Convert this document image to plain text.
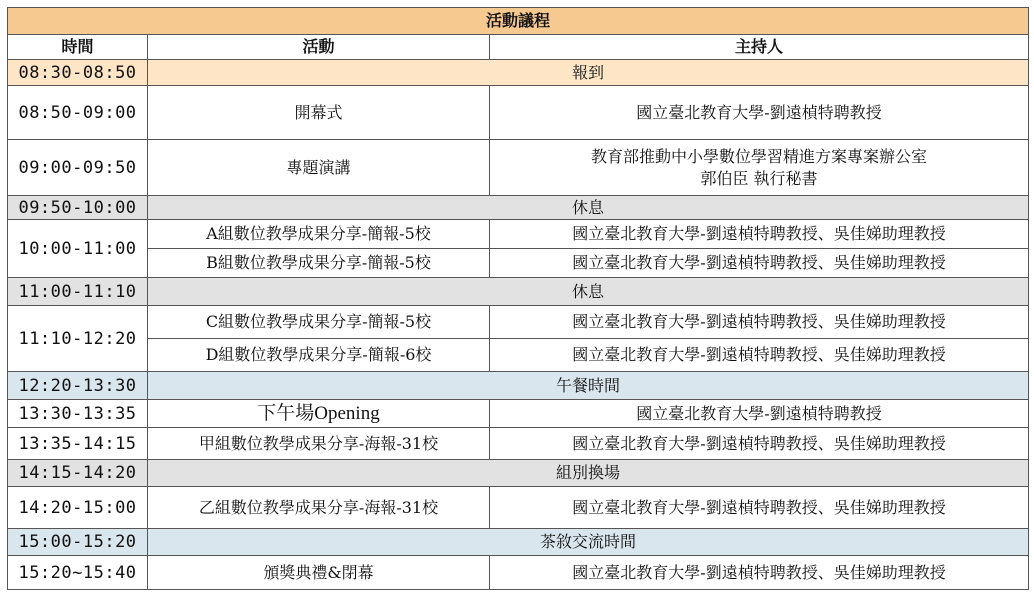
活動議程		
時間	活動	主持人
08:30-08:50	報到	
08:50-09:00	開幕式	國立臺北教育大學-劉遠楨特聘教授
09:00-09:50	專題演講	教育部推動中小學數位學習精進方案專案辦公室
郭伯臣 執行秘書

09:50-10:00	休息	
10:00-11:00	A組數位教學成果分享-簡報-5校	國立臺北教育大學-劉遠楨特聘教授、吳佳娣助理教授
	B組數位教學成果分享-簡報-5校	國立臺北教育大學-劉遠楨特聘教授、吳佳娣助理教授
11:00-11:10	休息	
11:10-12:20	C組數位教學成果分享-簡報-5校	國立臺北教育大學-劉遠楨特聘教授、吳佳娣助理教授
	D組數位教學成果分享-簡報-6校	國立臺北教育大學-劉遠楨特聘教授、吳佳娣助理教授
12:20-13:30	午餐時間	
13:30-13:35	下午場Opening	國立臺北教育大學-劉遠楨特聘教授
13:35-14:15	甲組數位教學成果分享-海報-31校	國立臺北教育大學-劉遠楨特聘教授、吳佳娣助理教授
14:15-14:20	組別換場	
14:20-15:00	乙組數位教學成果分享-海報-31校	國立臺北教育大學-劉遠楨特聘教授、吳佳娣助理教授
15:00-15:20	茶敘交流時間	
15:20~15:40	頒獎典禮&閉幕	國立臺北教育大學-劉遠楨特聘教授、吳佳娣助理教授
